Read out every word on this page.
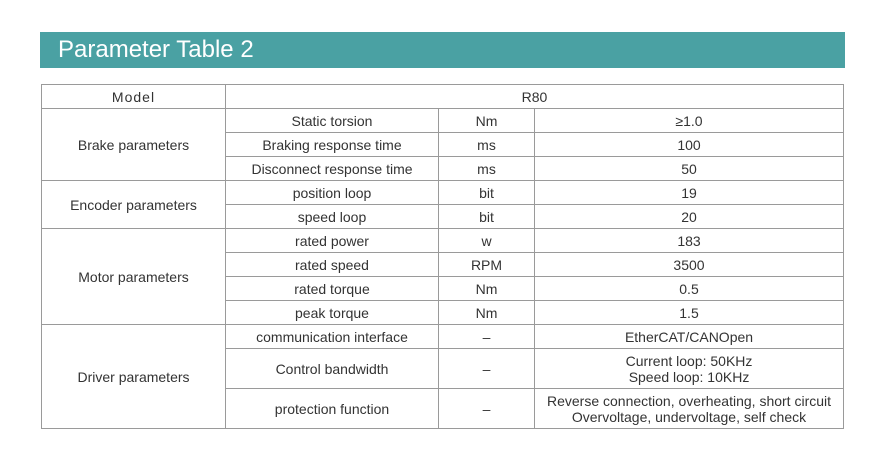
Parameter Table 2
Model	R80		
Brake parameters	Static torsion	Nm	≥1.0
	Braking response time	ms	100
	Disconnect response time	ms	50
Encoder parameters	position loop	bit	19
	speed loop	bit	20
Motor parameters	rated power	w	183
	rated speed	RPM	3500
	rated torque	Nm	0.5
	peak torque	Nm	1.5
Driver parameters	communication interface	–	EtherCAT/CANOpen

	Control bandwidth	–	Current loop: 50KHz
Speed loop: 10KHz

	protection function	–	Reverse connection, overheating, short circuit
Overvoltage, undervoltage, self check
